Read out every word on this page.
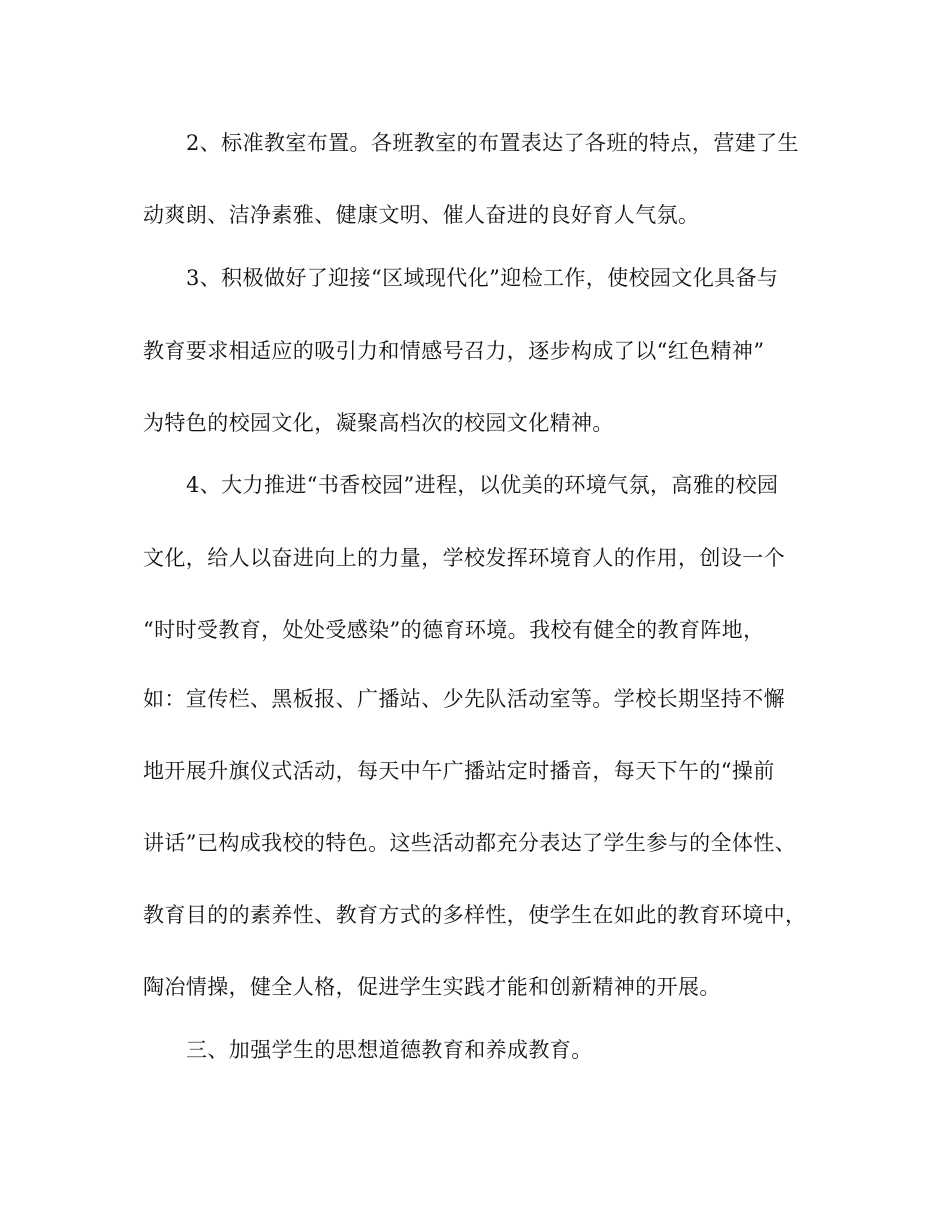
2、标准教室布置。各班教室的布置表达了各班的特点，营建了生
动爽朗、洁净素雅、健康文明、催人奋进的良好育人气氛。
3、积极做好了迎接“区域现代化”迎检工作，使校园文化具备与
教育要求相适应的吸引力和情感号召力，逐步构成了以“红色精神”
为特色的校园文化，凝聚高档次的校园文化精神。
4、大力推进“书香校园”进程，以优美的环境气氛，高雅的校园
文化，给人以奋进向上的力量，学校发挥环境育人的作用，创设一个
“时时受教育，处处受感染”的德育环境。我校有健全的教育阵地，
如：宣传栏、黑板报、广播站、少先队活动室等。学校长期坚持不懈
地开展升旗仪式活动，每天中午广播站定时播音，每天下午的“操前
讲话”已构成我校的特色。这些活动都充分表达了学生参与的全体性、
教育目的的素养性、教育方式的多样性，使学生在如此的教育环境中，
陶冶情操，健全人格，促进学生实践才能和创新精神的开展。
三、加强学生的思想道德教育和养成教育。
